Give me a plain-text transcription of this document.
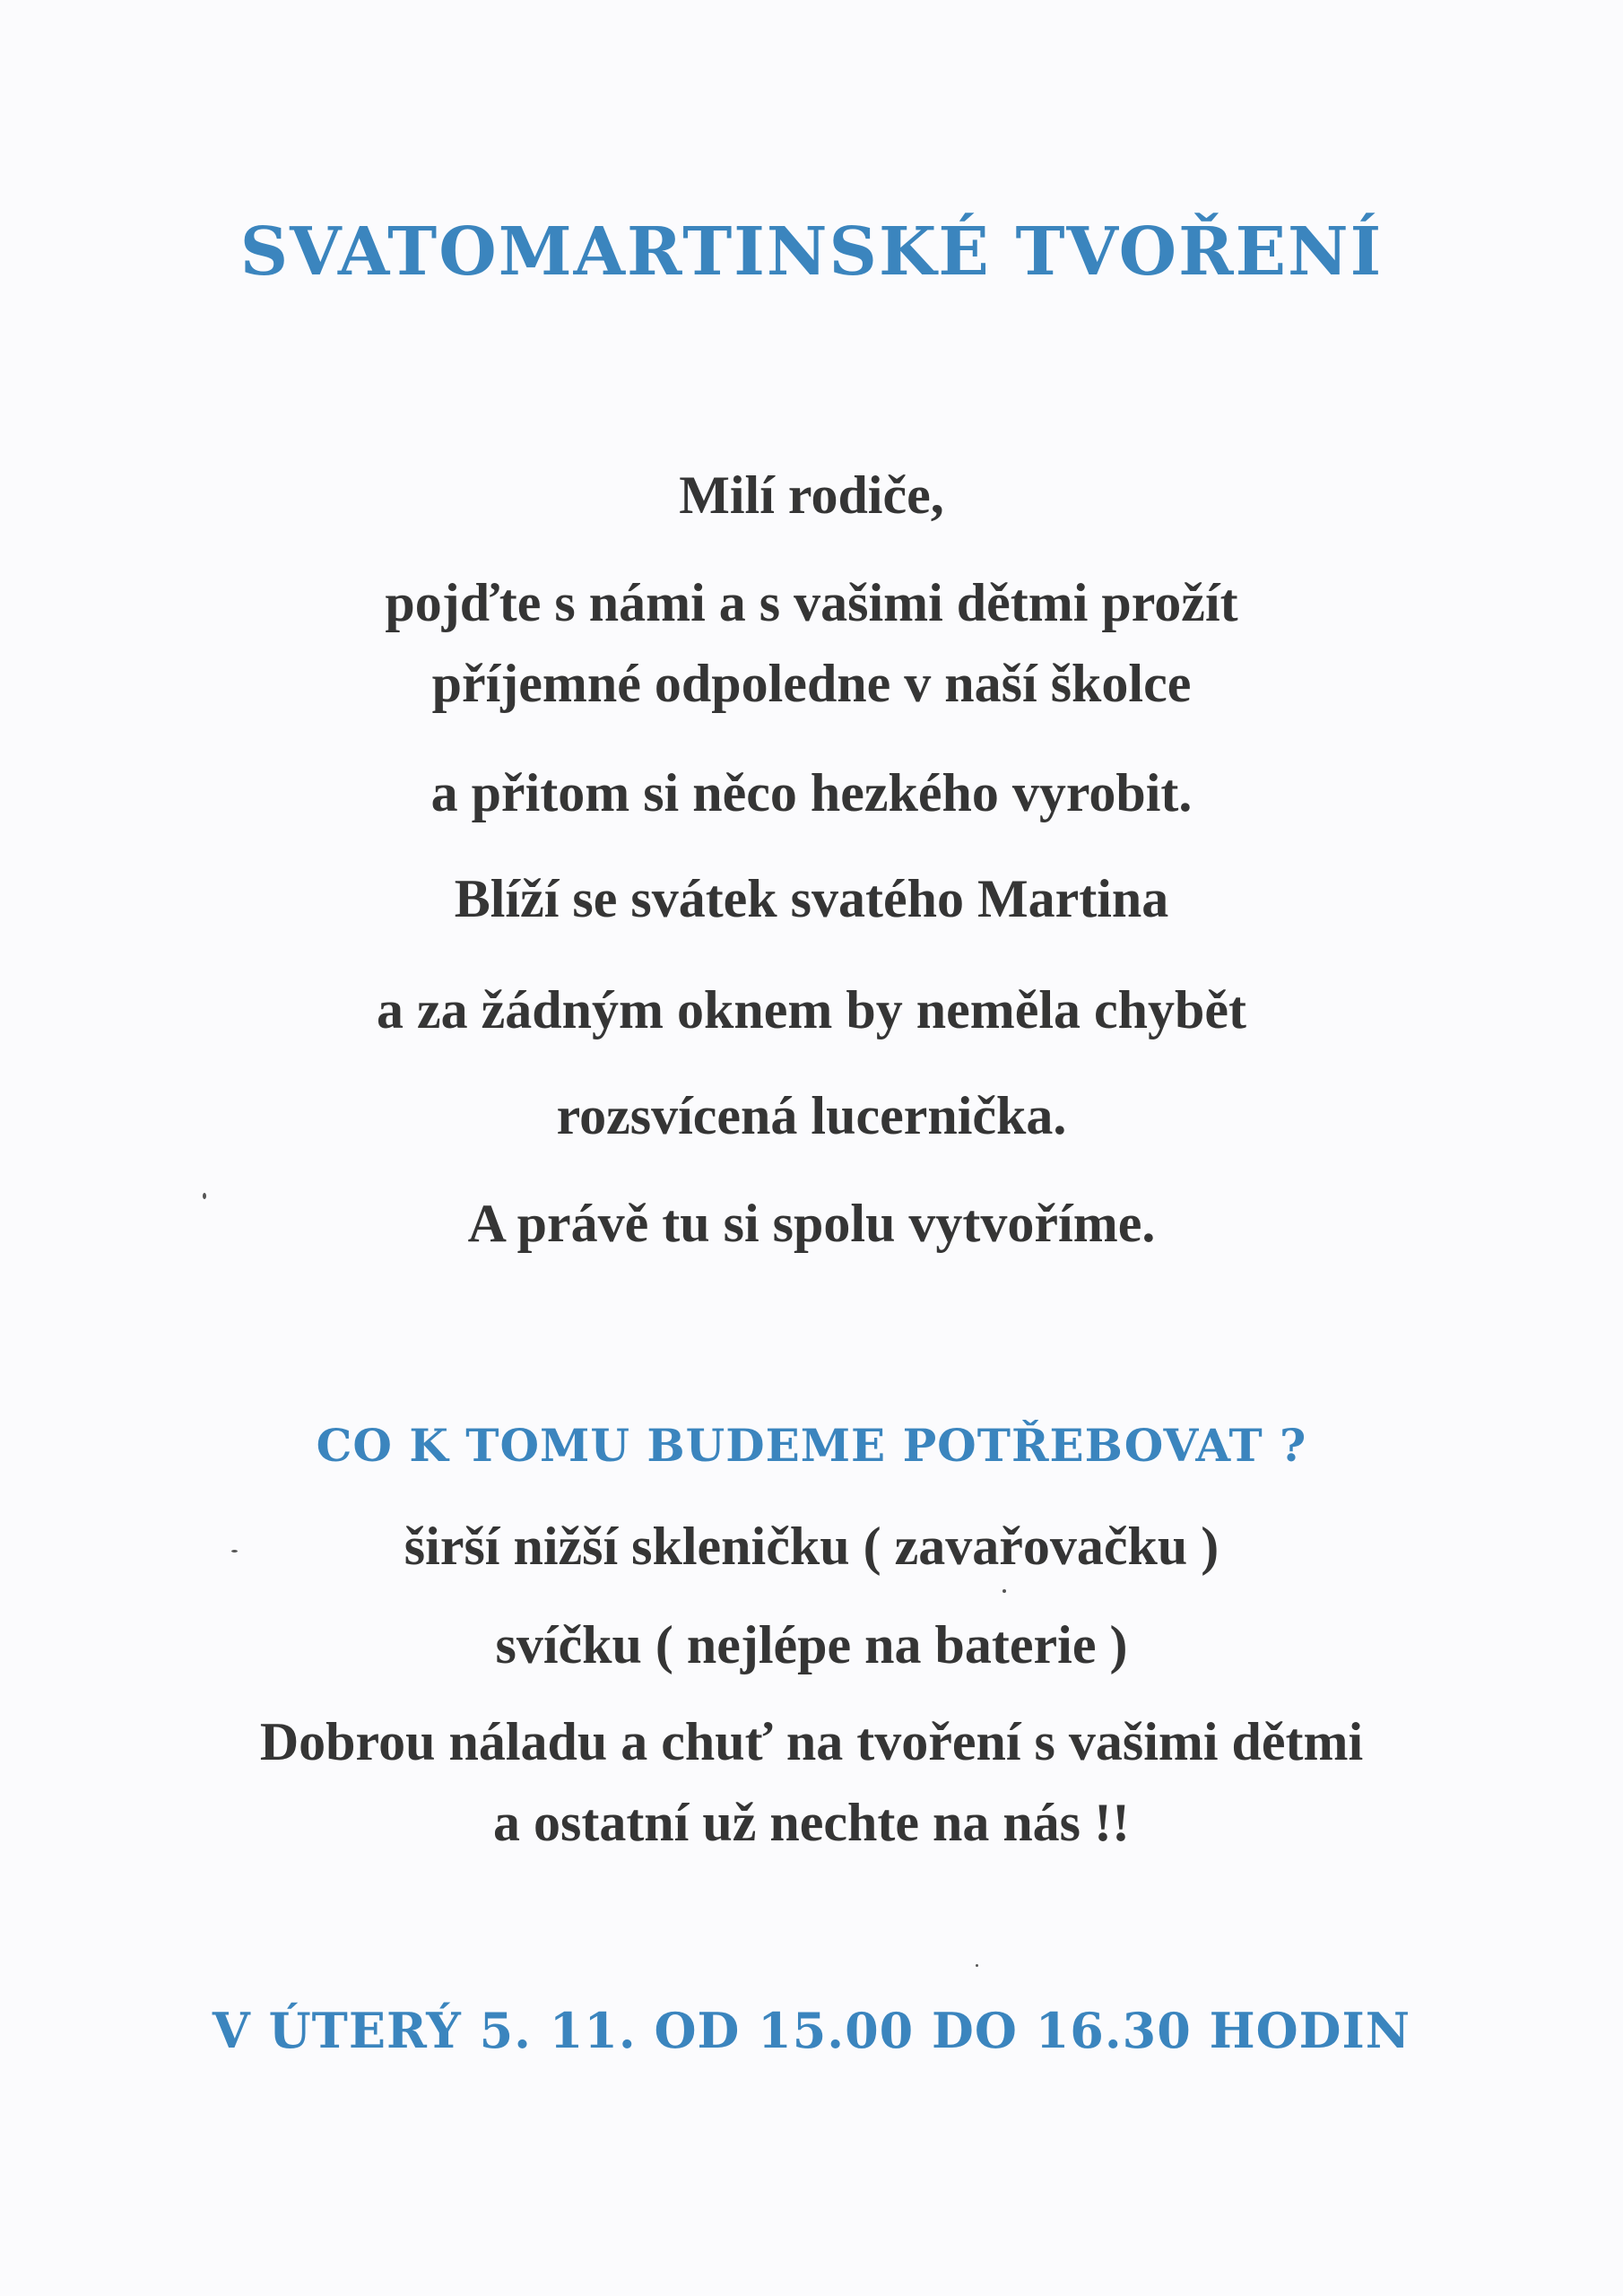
SVATOMARTINSKÉ TVOŘENÍ

Milí rodiče,

pojďte s námi a s vašimi dětmi prožít

příjemné odpoledne v naší školce

a přitom si něco hezkého vyrobit.

Blíží se svátek svatého Martina

a za žádným oknem by neměla chybět

rozsvícená lucernička.

A právě tu si spolu vytvoříme.

CO K TOMU BUDEME POTŘEBOVAT ?

širší nižší skleničku ( zavařovačku )

svíčku ( nejlépe na baterie )

Dobrou náladu a chuť na tvoření s vašimi dětmi

a ostatní už nechte na nás !!

V ÚTERÝ 5. 11. OD 15.00 DO 16.30 HODIN
